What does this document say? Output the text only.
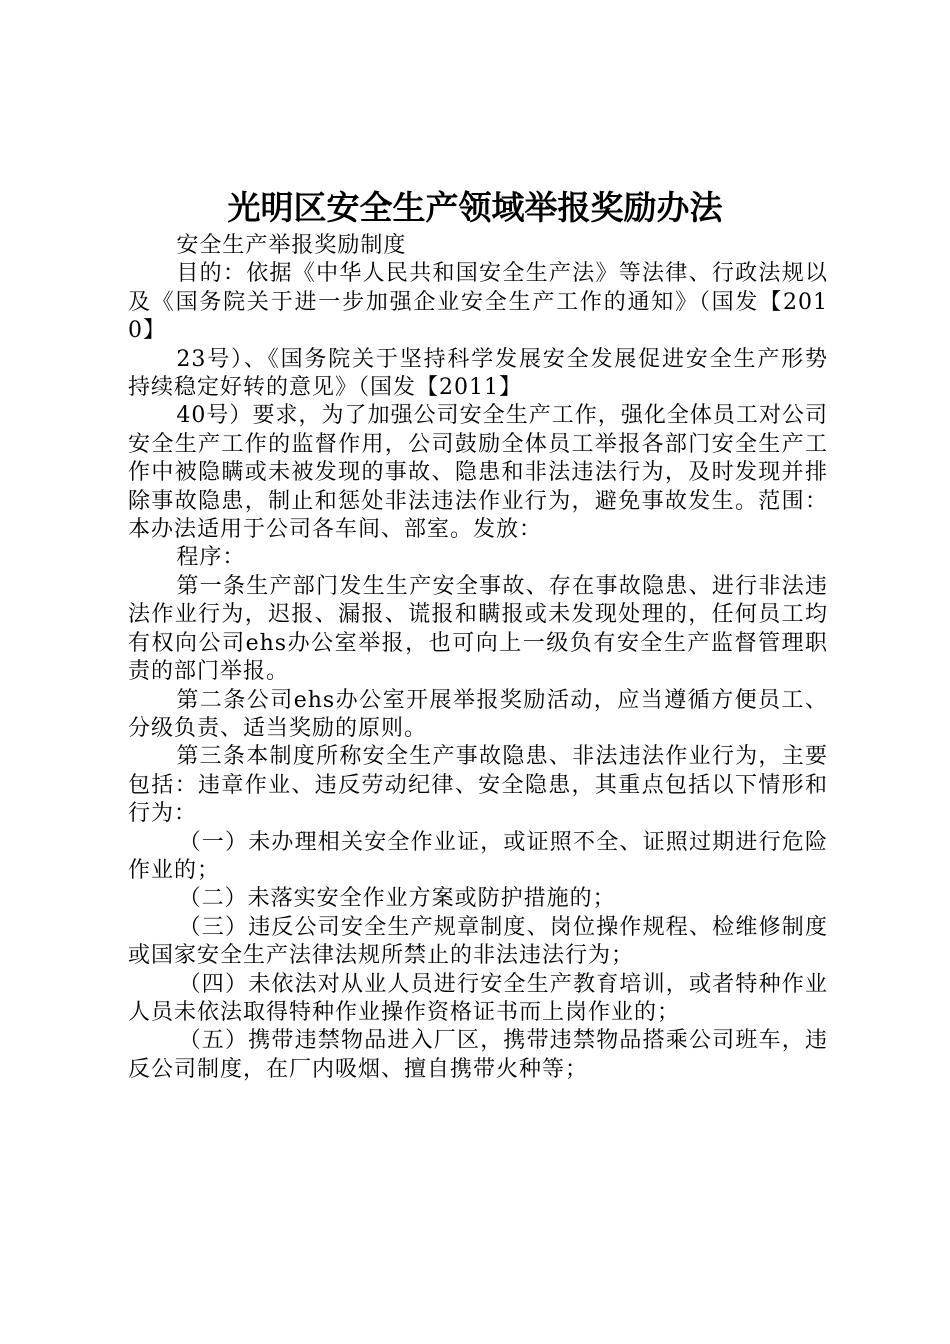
光明区安全生产领域举报奖励办法

安全生产举报奖励制度

目的：依据《中华人民共和国安全生产法》等法律、行政法规以及《国务院关于进一步加强企业安全生产工作的通知》（国发【2010】

23号）、《国务院关于坚持科学发展安全发展促进安全生产形势持续稳定好转的意见》（国发【2011】

40号）要求，为了加强公司安全生产工作，强化全体员工对公司安全生产工作的监督作用，公司鼓励全体员工举报各部门安全生产工作中被隐瞒或未被发现的事故、隐患和非法违法行为，及时发现并排除事故隐患，制止和惩处非法违法作业行为，避免事故发生。范围：本办法适用于公司各车间、部室。发放：

程序：

第一条生产部门发生生产安全事故、存在事故隐患、进行非法违法作业行为，迟报、漏报、谎报和瞒报或未发现处理的，任何员工均有权向公司ehs办公室举报，也可向上一级负有安全生产监督管理职责的部门举报。

第二条公司ehs办公室开展举报奖励活动，应当遵循方便员工、分级负责、适当奖励的原则。

第三条本制度所称安全生产事故隐患、非法违法作业行为，主要包括：违章作业、违反劳动纪律、安全隐患，其重点包括以下情形和行为：

（一）未办理相关安全作业证，或证照不全、证照过期进行危险作业的；

（二）未落实安全作业方案或防护措施的；

（三）违反公司安全生产规章制度、岗位操作规程、检维修制度或国家安全生产法律法规所禁止的非法违法行为；

（四）未依法对从业人员进行安全生产教育培训，或者特种作业人员未依法取得特种作业操作资格证书而上岗作业的；

（五）携带违禁物品进入厂区，携带违禁物品搭乘公司班车，违反公司制度，在厂内吸烟、擅自携带火种等；
